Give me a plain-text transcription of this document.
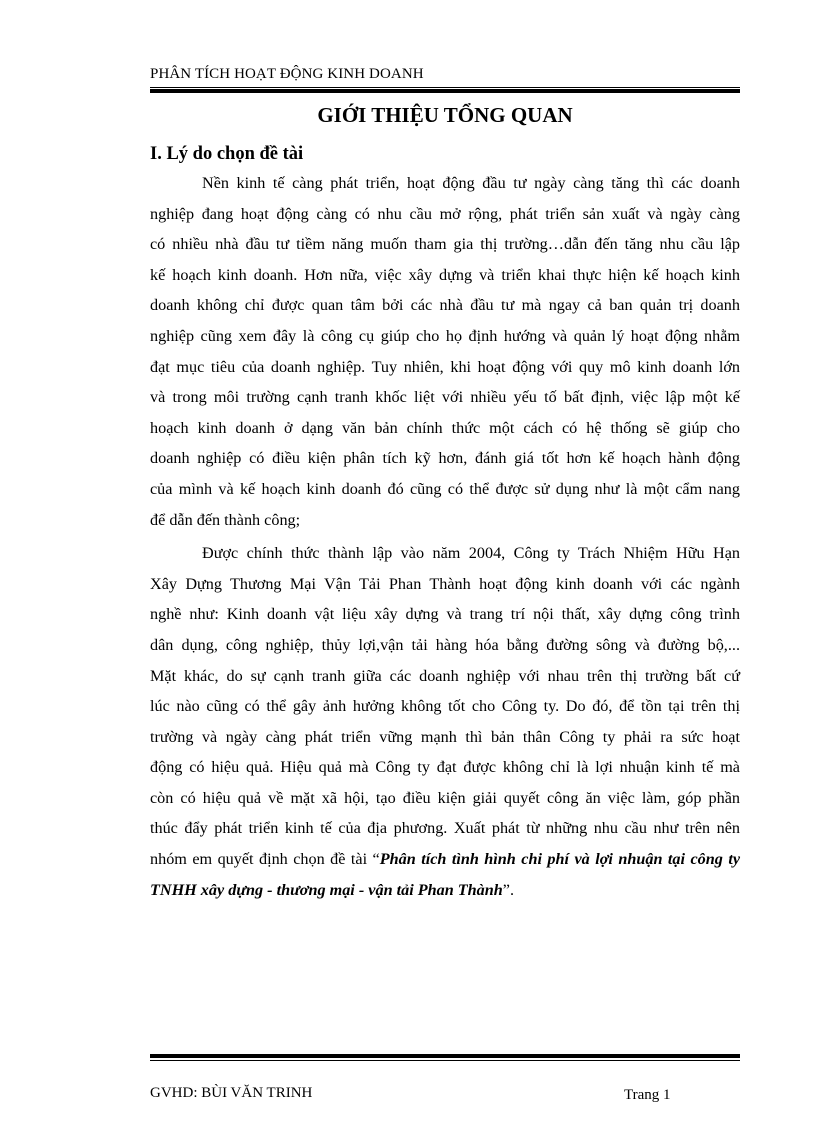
PHÂN TÍCH HOẠT ĐỘNG KINH DOANH
GIỚI THIỆU TỔNG QUAN
I. Lý do chọn đề tài
Nền kinh tế càng phát triển, hoạt động đầu tư ngày càng tăng thì các doanh
nghiệp đang hoạt động càng có nhu cầu mở rộng, phát triển sản xuất và ngày càng
có nhiều nhà đầu tư tiềm năng muốn tham gia thị trường…dẫn đến tăng nhu cầu lập
kế hoạch kinh doanh. Hơn nữa, việc xây dựng và triển khai thực hiện kế hoạch kinh
doanh không chỉ được quan tâm bởi các nhà đầu tư mà ngay cả ban quản trị doanh
nghiệp cũng xem đây là công cụ giúp cho họ định hướng và quản lý hoạt động nhằm
đạt mục tiêu của doanh nghiệp. Tuy nhiên, khi hoạt động với quy mô kinh doanh lớn
và trong môi trường cạnh tranh khốc liệt với nhiều yếu tố bất định, việc lập một kế
hoạch kinh doanh ở dạng văn bản chính thức một cách có hệ thống sẽ giúp cho
doanh nghiệp có điều kiện phân tích kỹ hơn, đánh giá tốt hơn kế hoạch hành động
của mình và kế hoạch kinh doanh đó cũng có thể được sử dụng như là một cẩm nang
để dẫn đến thành công;
Được chính thức thành lập vào năm 2004, Công ty Trách Nhiệm Hữu Hạn
Xây Dựng Thương Mại Vận Tải Phan Thành hoạt động kinh doanh với các ngành
nghề như: Kinh doanh vật liệu xây dựng và trang trí nội thất, xây dựng công trình
dân dụng, công nghiệp, thủy lợi,vận tải hàng hóa bằng đường sông và đường bộ,...
Mặt khác, do sự cạnh tranh giữa các doanh nghiệp với nhau trên thị trường bất cứ
lúc nào cũng có thể gây ảnh hưởng không tốt cho Công ty. Do đó, để tồn tại trên thị
trường và ngày càng phát triển vững mạnh thì bản thân Công ty phải ra sức hoạt
động có hiệu quả. Hiệu quả mà Công ty đạt được không chỉ là lợi nhuận kinh tế mà
còn có hiệu quả về mặt xã hội, tạo điều kiện giải quyết công ăn việc làm, góp phần
thúc đẩy phát triển kinh tế của địa phương. Xuất phát từ những nhu cầu như trên nên
nhóm em quyết định chọn đề tài “Phân tích tình hình chi phí và lợi nhuận tại công ty
TNHH xây dựng - thương mại - vận tải Phan Thành”.
GVHD: BÙI VĂN TRINH	Trang 1
